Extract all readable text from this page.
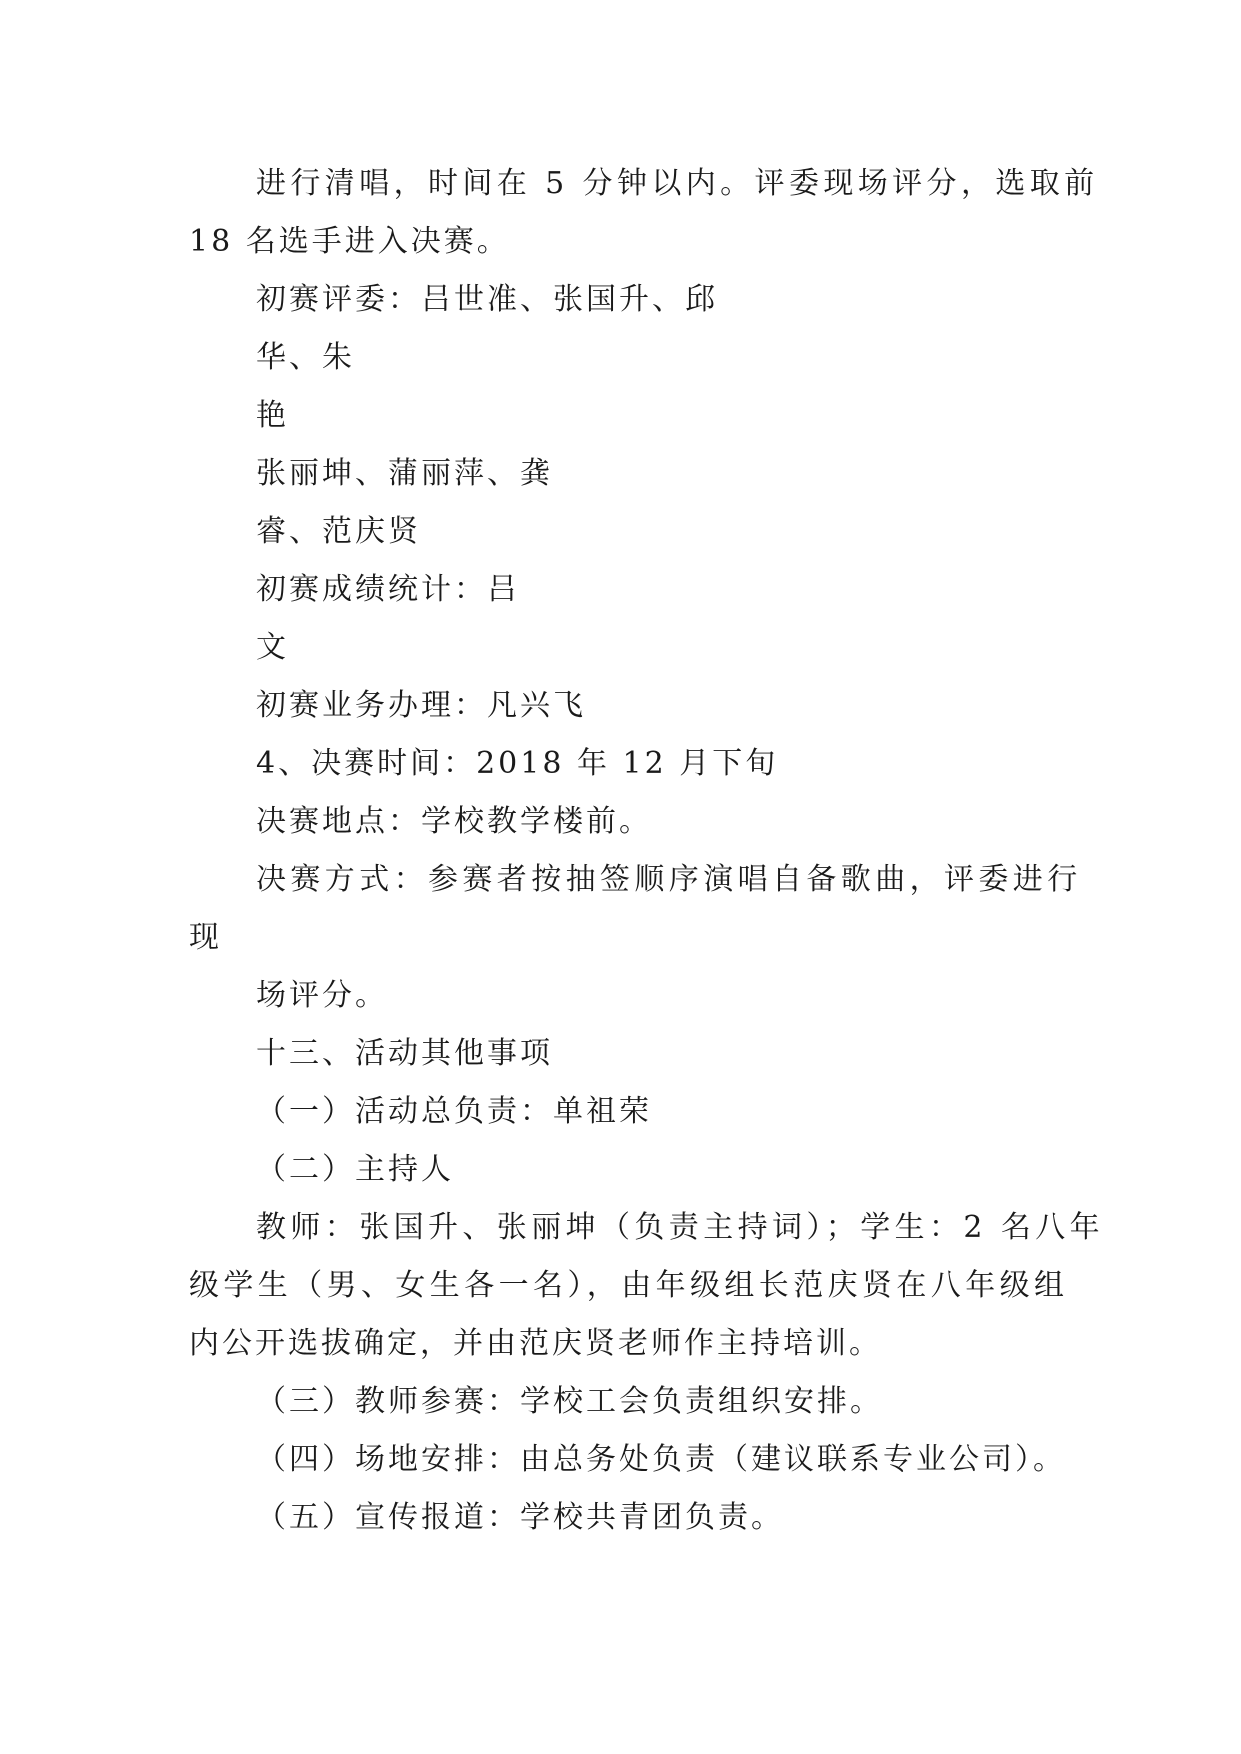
进行清唱，时间在 5 分钟以内。评委现场评分，选取前
18 名选手进入决赛。
初赛评委：吕世准、张国升、邱
华、朱
艳
张丽坤、蒲丽萍、龚
睿、范庆贤
初赛成绩统计：吕
文
初赛业务办理：凡兴飞
4、决赛时间：2018 年 12 月下旬
决赛地点：学校教学楼前。
决赛方式：参赛者按抽签顺序演唱自备歌曲，评委进行
现
场评分。
十三、活动其他事项
（一）活动总负责：单祖荣
（二）主持人
教师：张国升、张丽坤（负责主持词）；学生：2 名八年
级学生（男、女生各一名），由年级组长范庆贤在八年级组
内公开选拔确定，并由范庆贤老师作主持培训。
（三）教师参赛：学校工会负责组织安排。
（四）场地安排：由总务处负责（建议联系专业公司）。
（五）宣传报道：学校共青团负责。
